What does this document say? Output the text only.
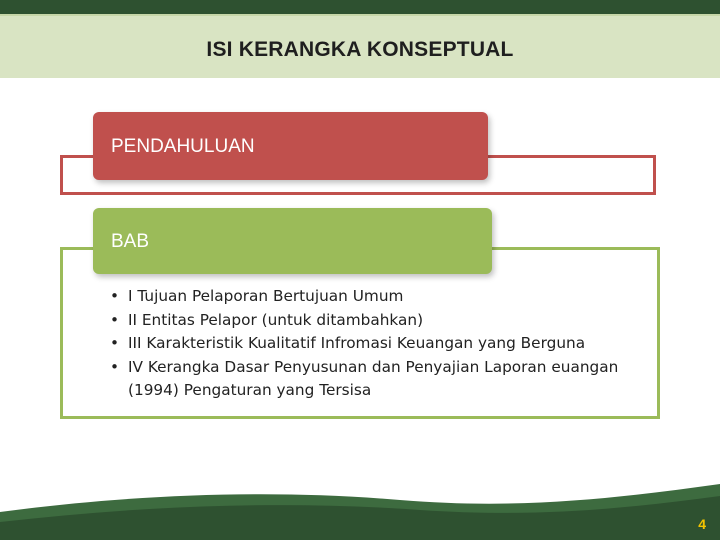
ISI KERANGKA KONSEPTUAL
PENDAHULUAN
BAB
• I Tujuan Pelaporan Bertujuan Umum
• II Entitas Pelapor (untuk ditambahkan)
• III Karakteristik Kualitatif Infromasi Keuangan yang Berguna
• IV Kerangka Dasar Penyusunan dan Penyajian Laporan euangan (1994) Pengaturan yang Tersisa
4
